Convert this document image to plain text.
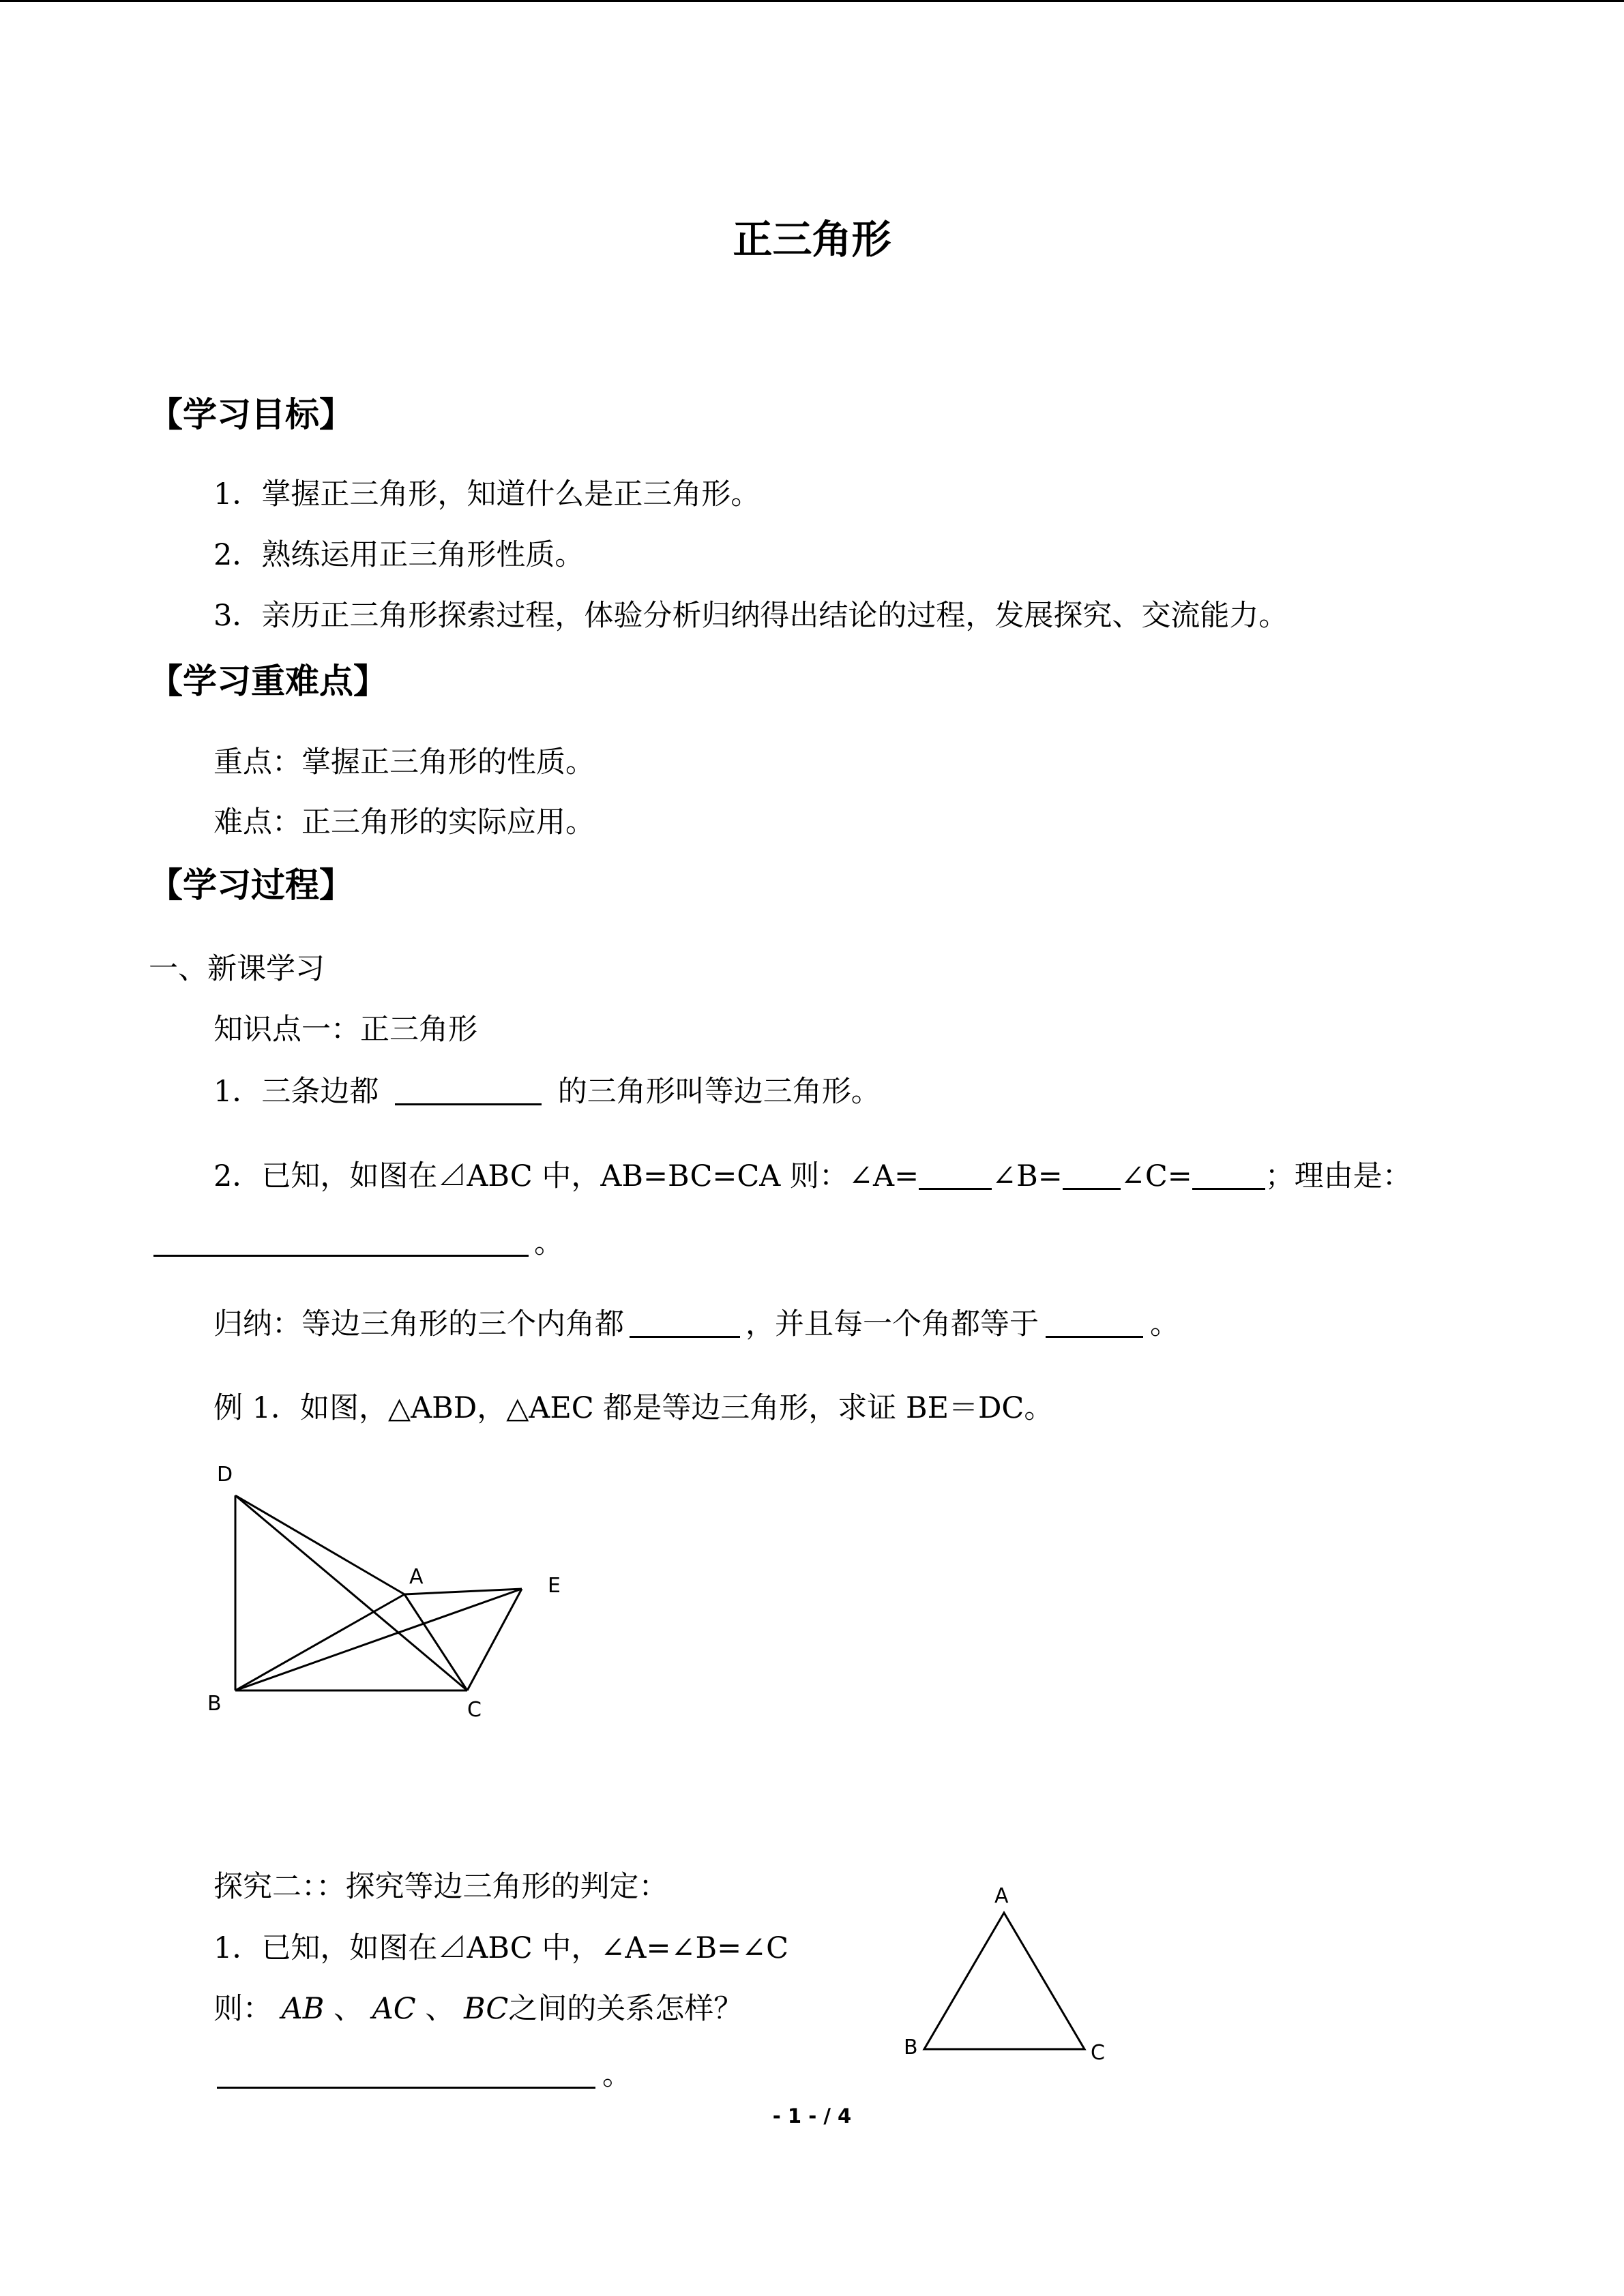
正三角形
【学习目标】
1．掌握正三角形，知道什么是正三角形。
2．熟练运用正三角形性质。
3．亲历正三角形探索过程，体验分析归纳得出结论的过程，发展探究、交流能力。
【学习重难点】
重点：掌握正三角形的性质。
难点：正三角形的实际应用。
【学习过程】
一、新课学习
知识点一：正三角形
1．三条边都	的三角形叫等边三角形。
2．已知，如图在⊿ABC 中，AB=BC=CA 则：∠A= ∠B= ∠C= ；理由是：
。
归纳：等边三角形的三个内角都	，并且每一个角都等于	。
例 1．如图，△ABD，△AEC 都是等边三角形，求证 BE＝DC。
D
A	E
B	C
探究二：：探究等边三角形的判定：
1．已知，如图在⊿ABC 中，∠A=∠B=∠C
则： AB 、 AC 、 BC之间的关系怎样？
。
A
B	C
- 1 - / 4
